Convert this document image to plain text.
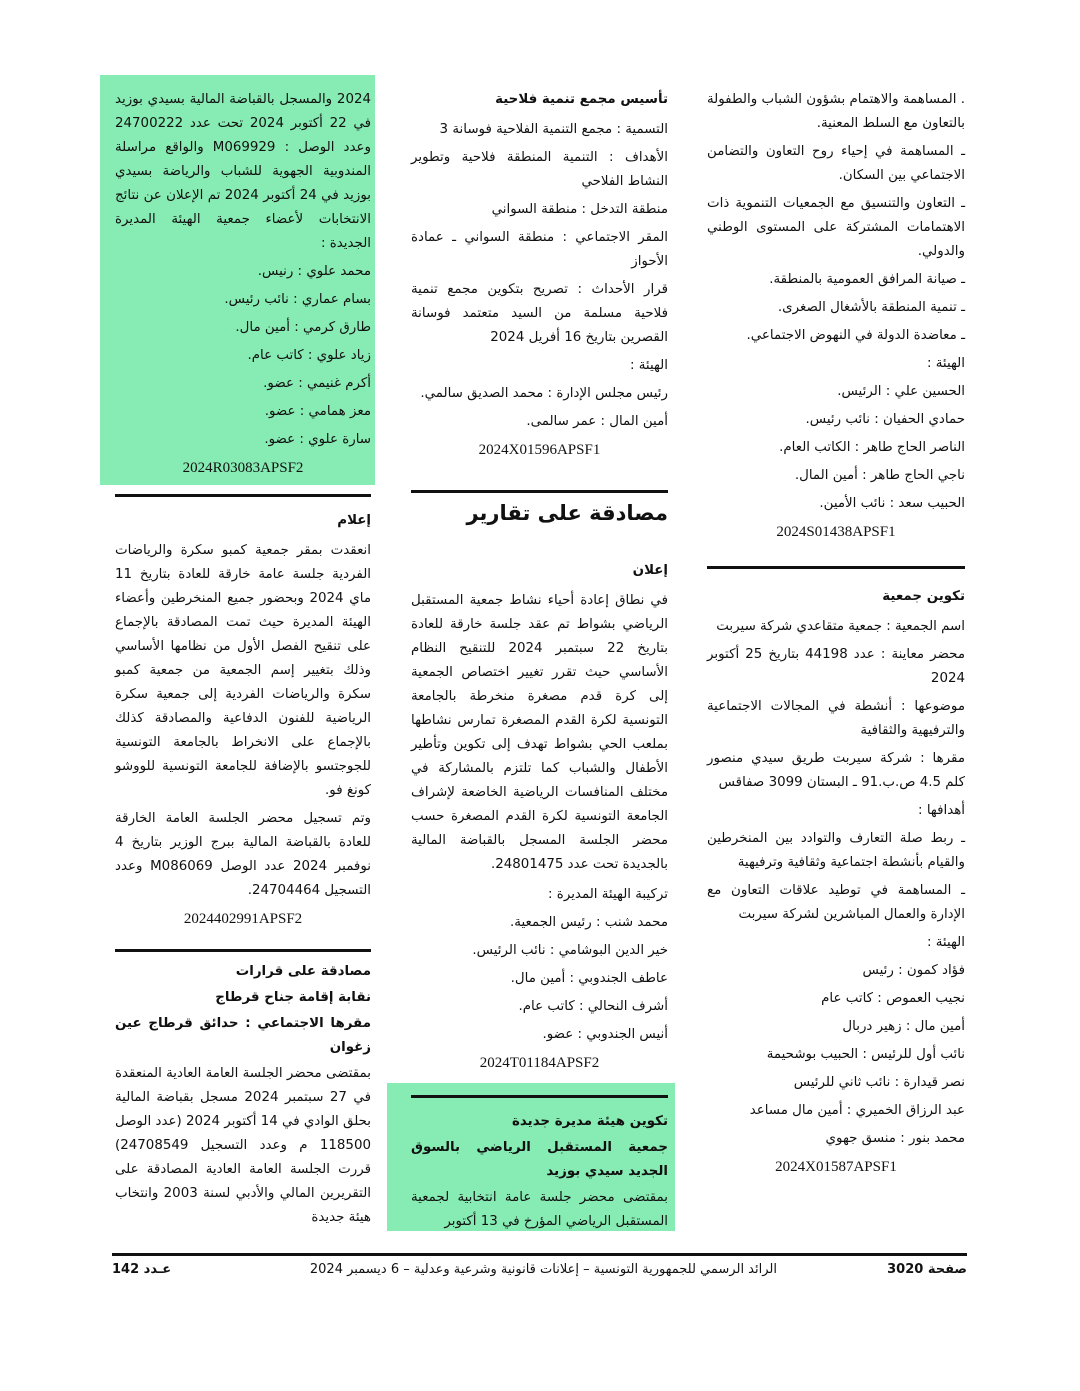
. المساهمة والاهتمام بشؤون الشباب والطفولة بالتعاون مع السلط المعنية.

ـ المساهمة في إحياء روح التعاون والتضامن الاجتماعي بين السكان.

ـ التعاون والتنسيق مع الجمعيات التنموية ذات الاهتمامات المشتركة على المستوى الوطني والدولي.

ـ صيانة المرافق العمومية بالمنطقة.

ـ تنمية المنطقة بالأشغال الصغرى.

ـ معاضدة الدولة في النهوض الاجتماعي.

الهيئة :

الحسين علي : الرئيس.

حمادي الحفيان : نائب رئيس.

الناصر الحاج طاهر : الكاتب العام.

ناجي الحاج طاهر : أمين المال.

الحبيب سعد : نائب الأمين.

2024S01438APSF1

تكوين جمعية

اسم الجمعية : جمعية متقاعدي شركة سيربت

محضر معاينة : عدد 44198 بتاريخ 25 أكتوبر 2024

موضوعها : أنشطة في المجالات الاجتماعية والترفيهية والثقافية

مقرها : شركة سيربت طريق سيدي منصور كلم 4.5 ص.ب.91 ـ البستان 3099 صفاقس

أهدافها :

ـ ربط صلة التعارف والتوادد بين المنخرطين والقيام بأنشطة اجتماعية وثقافية وترفيهية

ـ المساهمة في توطيد علاقات التعاون مع الإدارة والعمال المباشرين لشركة سيربت

الهيئة :

فؤاد كمون : رئيس

نجيب العموص : كاتب عام

أمين مال : زهير دربال

نائب أول للرئيس : الحبيب بوشحيمة

نصر قيدارة : نائب ثاني للرئيس

عبد الرزاق الخميري : أمين مال مساعد

محمد بنور : منسق جهوي

2024X01587APSF1

تأسيس مجمع تنمية فلاحية

التسمية : مجمع التنمية الفلاحية فوسانة 3

الأهداف : التنمية المنطقة فلاحية وتطوير النشاط الفلاحي

منطقة التدخل : منطقة السواني

المقر الاجتماعي : منطقة السواني ـ عمادة الأحواز

قرار الأحداث : تصريح بتكوين مجمع تنمية فلاحية مسلمة من السيد متعتمد فوسانة القصرين بتاريخ 16 أفريل 2024

الهيئة :

رئيس مجلس الإدارة : محمد الصديق سالمي.

أمين المال : عمر سالمى.

2024X01596APSF1
مصادقة على تقارير

إعلان

في نطاق إعادة أحياء نشاط جمعية المستقبل الرياضي بشواط تم عقد جلسة خارقة للعادة بتاريخ 22 سبتمبر 2024 للتنقيح النظام الأساسي حيث تقرر تغيير اختصاص الجمعية إلى كرة قدم مصغرة منخرطة بالجامعة التونسية لكرة القدم المصغرة تمارس نشاطها بملعب الحي بشواط تهدف إلى تكوين وتأطير الأطفال والشباب كما تلتزم بالمشاركة في مختلف المنافسات الرياضية الخاضعة لإشراف الجامعة التونسية لكرة القدم المصغرة حسب محضر الجلسة المسجل بالقباضة المالية بالجديدة تحت عدد 24801475.

تركيبة الهيئة المديرة :

محمد شنب : رئيس الجمعية.

خير الدين البوشامي : نائب الرئيس.

عاطف الجندوبي : أمين مال.

أشرف النحالي : كاتب عام.

أنيس الجندوبي : عضو.

2024T01184APSF2

تكوين هيئة مديرة جديدة

جمعية المستقبل الرياضي بالسوق الجديد سيدي بوزيد

بمقتضى محضر جلسة عامة انتخابية لجمعية المستقبل الرياضي المؤرخ في 13 أكتوبر

2024 والمسجل بالقباضة المالية بسيدي بوزيد في 22 أكتوبر 2024 تحت عدد 24700222 وعدد الوصل : M069929 والواقع مراسلة المندوبية الجهوية للشباب والرياضة بسيدي بوزيد في 24 أكتوبر 2024 تم الإعلان عن نتائج الانتخابات لأعضاء جمعية الهيئة المديرة الجديدة :

محمد علوي : رنيس.

بسام عماري : نائب رئيس.

طارق كرمي : أمين مال.

زياد علوي : كاتب عام.

أكرم غنيمي : عضو.

معز همامي : عضو.

سارة علوي : عضو.

2024R03083APSF2

إعلام

انعقدت بمقر جمعية كمبو سكرة والرياضات الفردية جلسة عامة خارقة للعادة بتاريخ 11 ماي 2024 وبحضور جميع المنخرطين وأعضاء الهيئة المديرة حيث تمت المصادقة بالإجماع على تنقيح الفصل الأول من نظامها الأساسي وذلك بتغيير إسم الجمعية من جمعية كمبو سكرة والرياضات الفردية إلى جمعية سكرة الرياضية للفنون الدفاعية والمصادقة كذلك بالإجماع على الانخراط بالجامعة التونسية للجوجتسو بالإضافة للجامعة التونسية للووشو كونغ فو.

وتم تسجيل محضر الجلسة العامة الخارقة للعادة بالقباضة المالية ببرج الوزير بتاريخ 4 نوفمبر 2024 عدد الوصل M086069 وعدد التسجيل 24704464.

2024402991APSF2

مصادقة على قرارات

نقابة إقامة جناح قرطاج

مقرها الاجتماعي : حدائق قرطاج عين زغوان

بمقتضى محضر الجلسة العامة العادية المنعقدة في 27 سبتمبر 2024 مسجل بقباضة المالية بحلق الوادي في 14 أكتوبر 2024 (عدد الوصل 118500 م وعدد التسجيل 24708549) قررت الجلسة العامة العادية المصادقة على التقريرين المالي والأدبي لسنة 2003 وانتخاب هيئة جديدة

صفحة 3020
الرائد الرسمي للجمهورية التونسية – إعلانات قانونية وشرعية وعدلية – 6 ديسمبر 2024
عـدد 142
